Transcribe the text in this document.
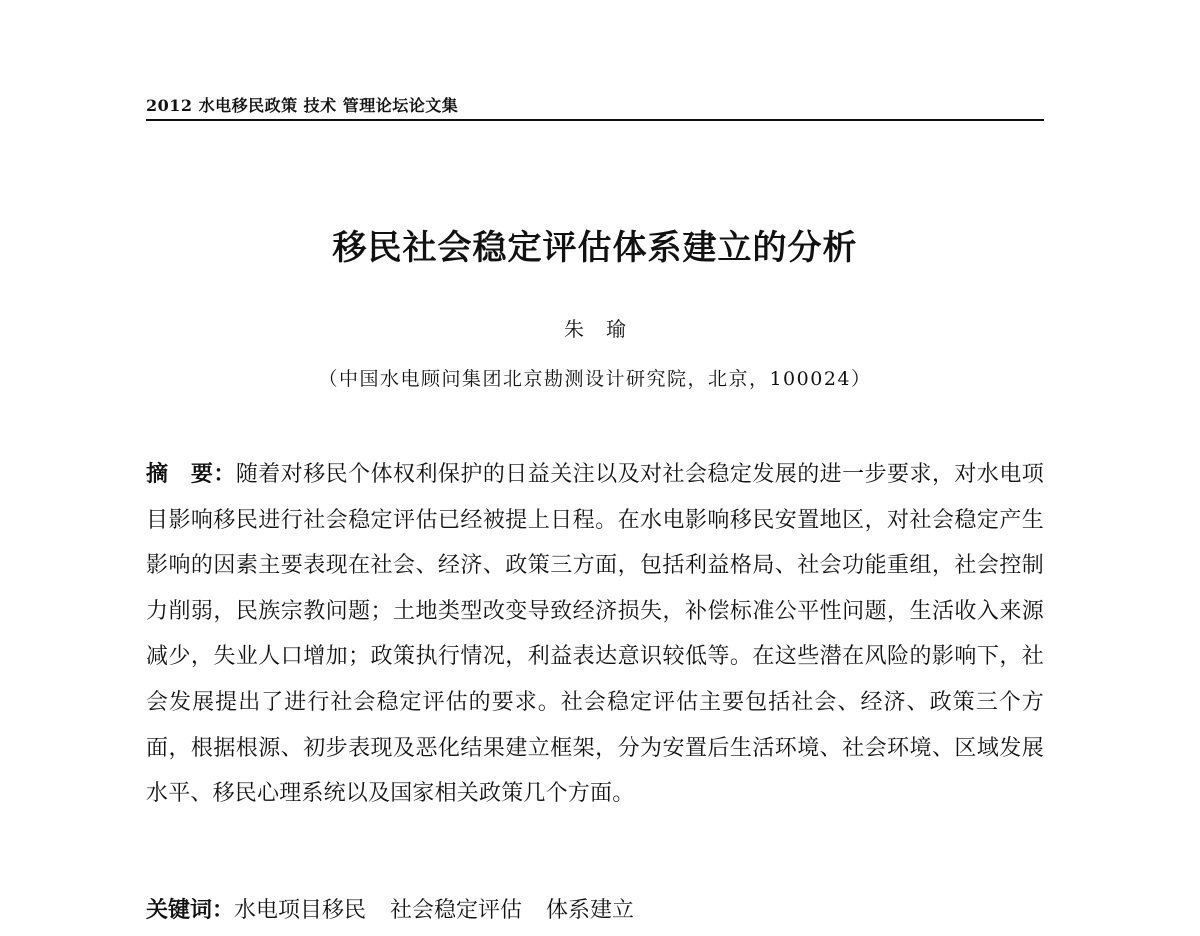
2012 水电移民政策 技术 管理论坛论文集
移民社会稳定评估体系建立的分析
朱瑜
（中国水电顾问集团北京勘测设计研究院，北京，100024）

摘　要：随着对移民个体权利保护的日益关注以及对社会稳定发展的进一步要求，对水电项目影响移民进行社会稳定评估已经被提上日程。在水电影响移民安置地区，对社会稳定产生影响的因素主要表现在社会、经济、政策三方面，包括利益格局、社会功能重组，社会控制力削弱，民族宗教问题；土地类型改变导致经济损失，补偿标准公平性问题，生活收入来源减少，失业人口增加；政策执行情况，利益表达意识较低等。在这些潜在风险的影响下，社会发展提出了进行社会稳定评估的要求。社会稳定评估主要包括社会、经济、政策三个方面，根据根源、初步表现及恶化结果建立框架，分为安置后生活环境、社会环境、区域发展水平、移民心理系统以及国家相关政策几个方面。

关键词：水电项目移民 社会稳定评估 体系建立
